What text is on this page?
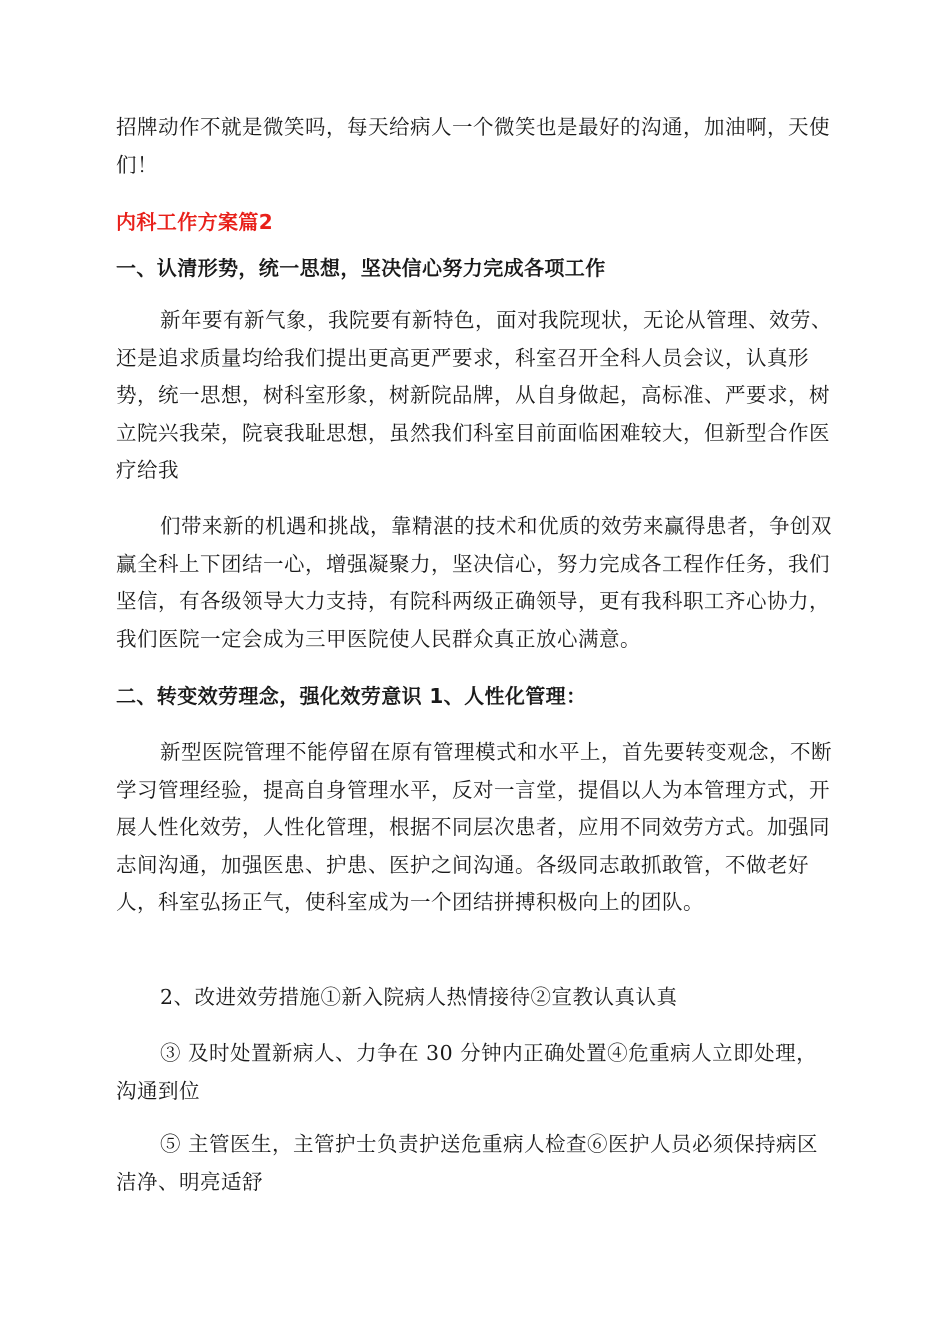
招牌动作不就是微笑吗，每天给病人一个微笑也是最好的沟通，加油啊，天使们！

内科工作方案篇2
一、认清形势，统一思想，坚决信心努力完成各项工作

新年要有新气象，我院要有新特色，面对我院现状，无论从管理、效劳、还是追求质量均给我们提出更高更严要求，科室召开全科人员会议，认真形势，统一思想，树科室形象，树新院品牌，从自身做起，高标准、严要求，树立院兴我荣，院衰我耻思想，虽然我们科室目前面临困难较大，但新型合作医疗给我

们带来新的机遇和挑战，靠精湛的技术和优质的效劳来赢得患者，争创双赢全科上下团结一心，增强凝聚力，坚决信心，努力完成各工程作任务，我们坚信，有各级领导大力支持，有院科两级正确领导，更有我科职工齐心协力，我们医院一定会成为三甲医院使人民群众真正放心满意。

二、转变效劳理念，强化效劳意识 1、人性化管理：

新型医院管理不能停留在原有管理模式和水平上，首先要转变观念，不断学习管理经验，提高自身管理水平，反对一言堂，提倡以人为本管理方式，开展人性化效劳，人性化管理，根据不同层次患者，应用不同效劳方式。加强同志间沟通，加强医患、护患、医护之间沟通。各级同志敢抓敢管，不做老好人，科室弘扬正气，使科室成为一个团结拼搏积极向上的团队。

2、改进效劳措施①新入院病人热情接待②宣教认真认真

③ 及时处置新病人、力争在 30 分钟内正确处置④危重病人立即处理，沟通到位

⑤ 主管医生，主管护士负责护送危重病人检查⑥医护人员必须保持病区洁净、明亮适舒
